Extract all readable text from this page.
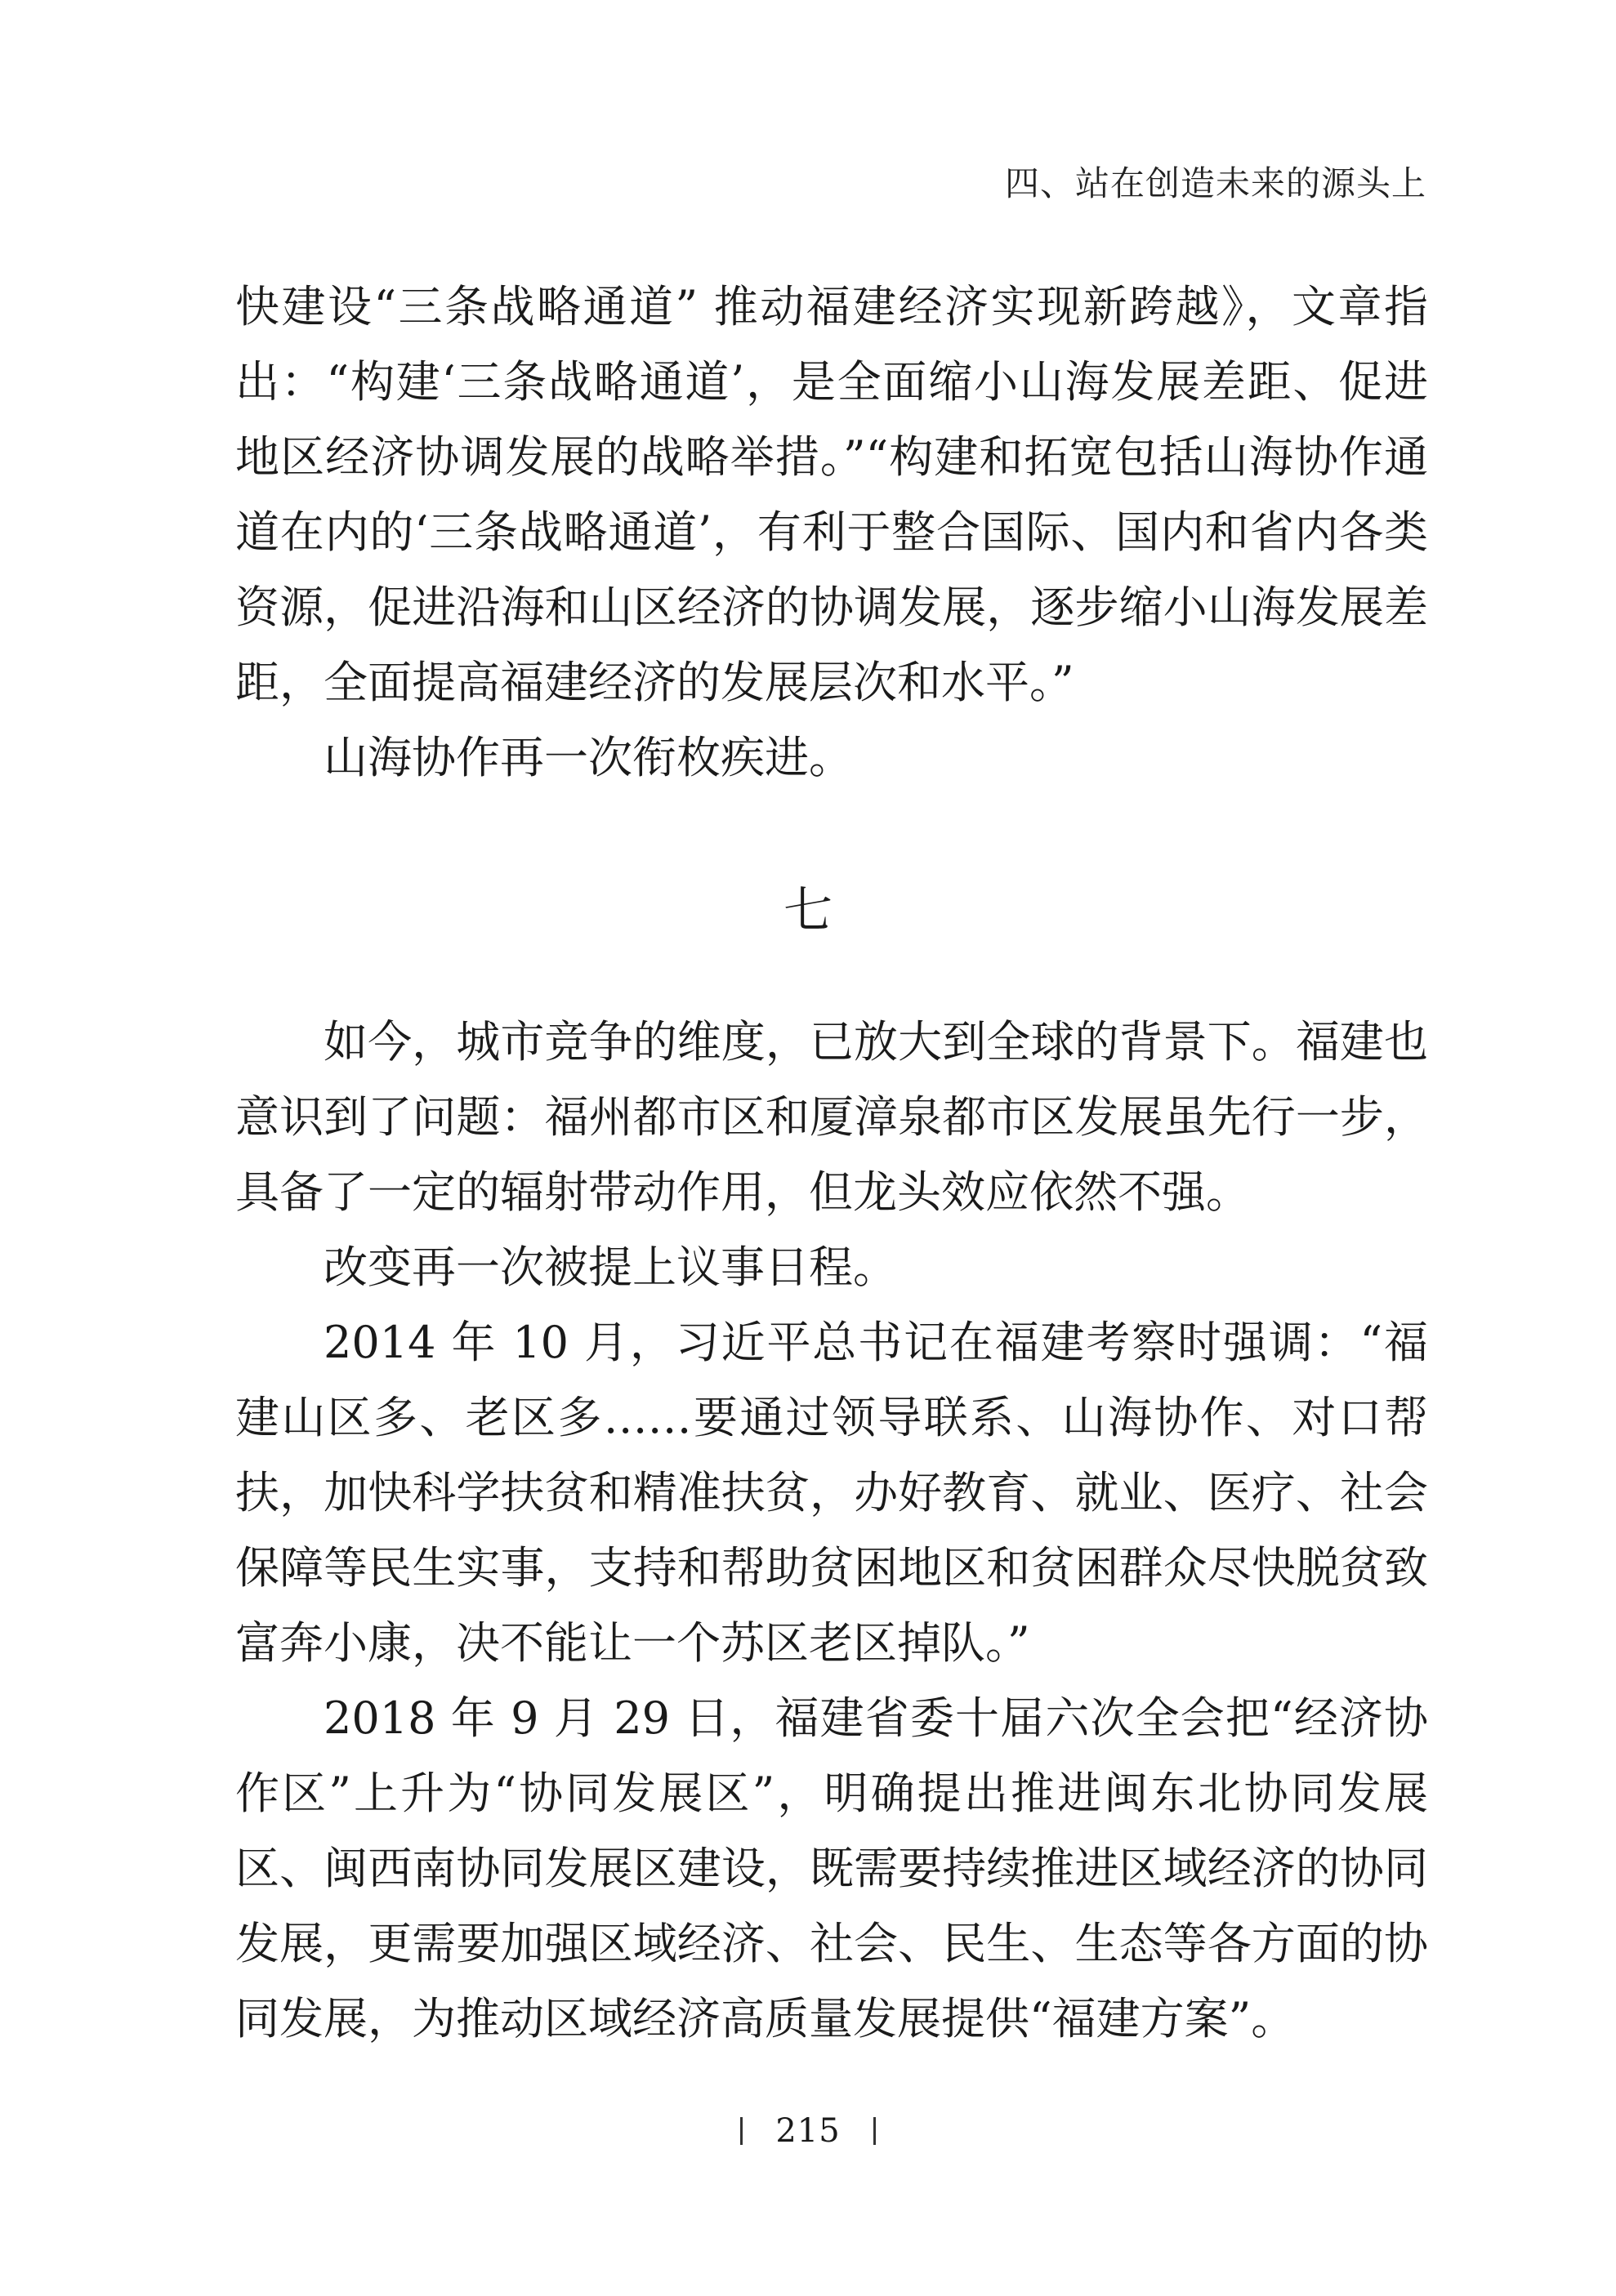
四、站在创造未来的源头上

快建设“三条战略通道” 推动福建经济实现新跨越》，文章指出：“构建‘三条战略通道’，是全面缩小山海发展差距、促进地区经济协调发展的战略举措。”“构建和拓宽包括山海协作通道在内的‘三条战略通道’，有利于整合国际、国内和省内各类资源，促进沿海和山区经济的协调发展，逐步缩小山海发展差距，全面提高福建经济的发展层次和水平。”

山海协作再一次衔枚疾进。

七

如今，城市竞争的维度，已放大到全球的背景下。福建也意识到了问题：福州都市区和厦漳泉都市区发展虽先行一步，具备了一定的辐射带动作用，但龙头效应依然不强。

改变再一次被提上议事日程。

2014 年 10 月，习近平总书记在福建考察时强调：“福建山区多、老区多……要通过领导联系、山海协作、对口帮扶，加快科学扶贫和精准扶贫，办好教育、就业、医疗、社会保障等民生实事，支持和帮助贫困地区和贫困群众尽快脱贫致富奔小康，决不能让一个苏区老区掉队。”

2018 年 9 月 29 日，福建省委十届六次全会把“经济协作区”上升为“协同发展区”，明确提出推进闽东北协同发展区、闽西南协同发展区建设，既需要持续推进区域经济的协同发展，更需要加强区域经济、社会、民生、生态等各方面的协同发展，为推动区域经济高质量发展提供“福建方案”。

215
